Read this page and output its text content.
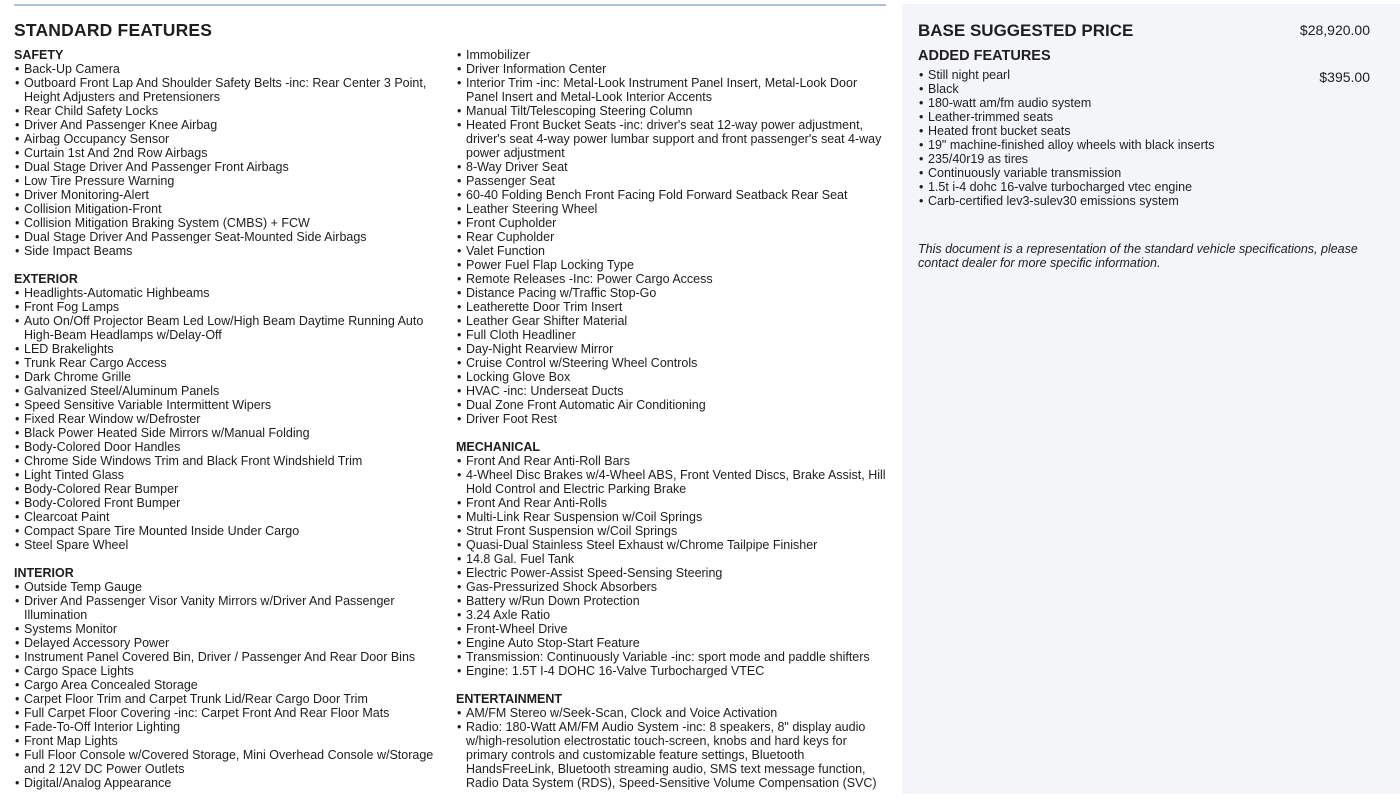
STANDARD FEATURES
SAFETY
• Back-Up Camera
• Outboard Front Lap And Shoulder Safety Belts -inc: Rear Center 3 Point, Height Adjusters and Pretensioners
• Rear Child Safety Locks
• Driver And Passenger Knee Airbag
• Airbag Occupancy Sensor
• Curtain 1st And 2nd Row Airbags
• Dual Stage Driver And Passenger Front Airbags
• Low Tire Pressure Warning
• Driver Monitoring-Alert
• Collision Mitigation-Front
• Collision Mitigation Braking System (CMBS) + FCW
• Dual Stage Driver And Passenger Seat-Mounted Side Airbags
• Side Impact Beams
EXTERIOR
• Headlights-Automatic Highbeams
• Front Fog Lamps
• Auto On/Off Projector Beam Led Low/High Beam Daytime Running Auto High-Beam Headlamps w/Delay-Off
• LED Brakelights
• Trunk Rear Cargo Access
• Dark Chrome Grille
• Galvanized Steel/Aluminum Panels
• Speed Sensitive Variable Intermittent Wipers
• Fixed Rear Window w/Defroster
• Black Power Heated Side Mirrors w/Manual Folding
• Body-Colored Door Handles
• Chrome Side Windows Trim and Black Front Windshield Trim
• Light Tinted Glass
• Body-Colored Rear Bumper
• Body-Colored Front Bumper
• Clearcoat Paint
• Compact Spare Tire Mounted Inside Under Cargo
• Steel Spare Wheel
INTERIOR
• Outside Temp Gauge
• Driver And Passenger Visor Vanity Mirrors w/Driver And Passenger Illumination
• Systems Monitor
• Delayed Accessory Power
• Instrument Panel Covered Bin, Driver / Passenger And Rear Door Bins
• Cargo Space Lights
• Cargo Area Concealed Storage
• Carpet Floor Trim and Carpet Trunk Lid/Rear Cargo Door Trim
• Full Carpet Floor Covering -inc: Carpet Front And Rear Floor Mats
• Fade-To-Off Interior Lighting
• Front Map Lights
• Full Floor Console w/Covered Storage, Mini Overhead Console w/Storage and 2 12V DC Power Outlets
• Digital/Analog Appearance
• Immobilizer
• Driver Information Center
• Interior Trim -inc: Metal-Look Instrument Panel Insert, Metal-Look Door Panel Insert and Metal-Look Interior Accents
• Manual Tilt/Telescoping Steering Column
• Heated Front Bucket Seats -inc: driver's seat 12-way power adjustment, driver's seat 4-way power lumbar support and front passenger's seat 4-way power adjustment
• 8-Way Driver Seat
• Passenger Seat
• 60-40 Folding Bench Front Facing Fold Forward Seatback Rear Seat
• Leather Steering Wheel
• Front Cupholder
• Rear Cupholder
• Valet Function
• Power Fuel Flap Locking Type
• Remote Releases -Inc: Power Cargo Access
• Distance Pacing w/Traffic Stop-Go
• Leatherette Door Trim Insert
• Leather Gear Shifter Material
• Full Cloth Headliner
• Day-Night Rearview Mirror
• Cruise Control w/Steering Wheel Controls
• Locking Glove Box
• HVAC -inc: Underseat Ducts
• Dual Zone Front Automatic Air Conditioning
• Driver Foot Rest
MECHANICAL
• Front And Rear Anti-Roll Bars
• 4-Wheel Disc Brakes w/4-Wheel ABS, Front Vented Discs, Brake Assist, Hill Hold Control and Electric Parking Brake
• Front And Rear Anti-Rolls
• Multi-Link Rear Suspension w/Coil Springs
• Strut Front Suspension w/Coil Springs
• Quasi-Dual Stainless Steel Exhaust w/Chrome Tailpipe Finisher
• 14.8 Gal. Fuel Tank
• Electric Power-Assist Speed-Sensing Steering
• Gas-Pressurized Shock Absorbers
• Battery w/Run Down Protection
• 3.24 Axle Ratio
• Front-Wheel Drive
• Engine Auto Stop-Start Feature
• Transmission: Continuously Variable -inc: sport mode and paddle shifters
• Engine: 1.5T I-4 DOHC 16-Valve Turbocharged VTEC
ENTERTAINMENT
• AM/FM Stereo w/Seek-Scan, Clock and Voice Activation
• Radio: 180-Watt AM/FM Audio System -inc: 8 speakers, 8" display audio w/high-resolution electrostatic touch-screen, knobs and hard keys for primary controls and customizable feature settings, Bluetooth HandsFreeLink, Bluetooth streaming audio, SMS text message function, Radio Data System (RDS), Speed-Sensitive Volume Compensation (SVC)
BASE SUGGESTED PRICE	$28,920.00
ADDED FEATURES
$395.00
• Still night pearl
• Black
• 180-watt am/fm audio system
• Leather-trimmed seats
• Heated front bucket seats
• 19" machine-finished alloy wheels with black inserts
• 235/40r19 as tires
• Continuously variable transmission
• 1.5t i-4 dohc 16-valve turbocharged vtec engine
• Carb-certified lev3-sulev30 emissions system
This document is a representation of the standard vehicle specifications, please contact dealer for more specific information.
